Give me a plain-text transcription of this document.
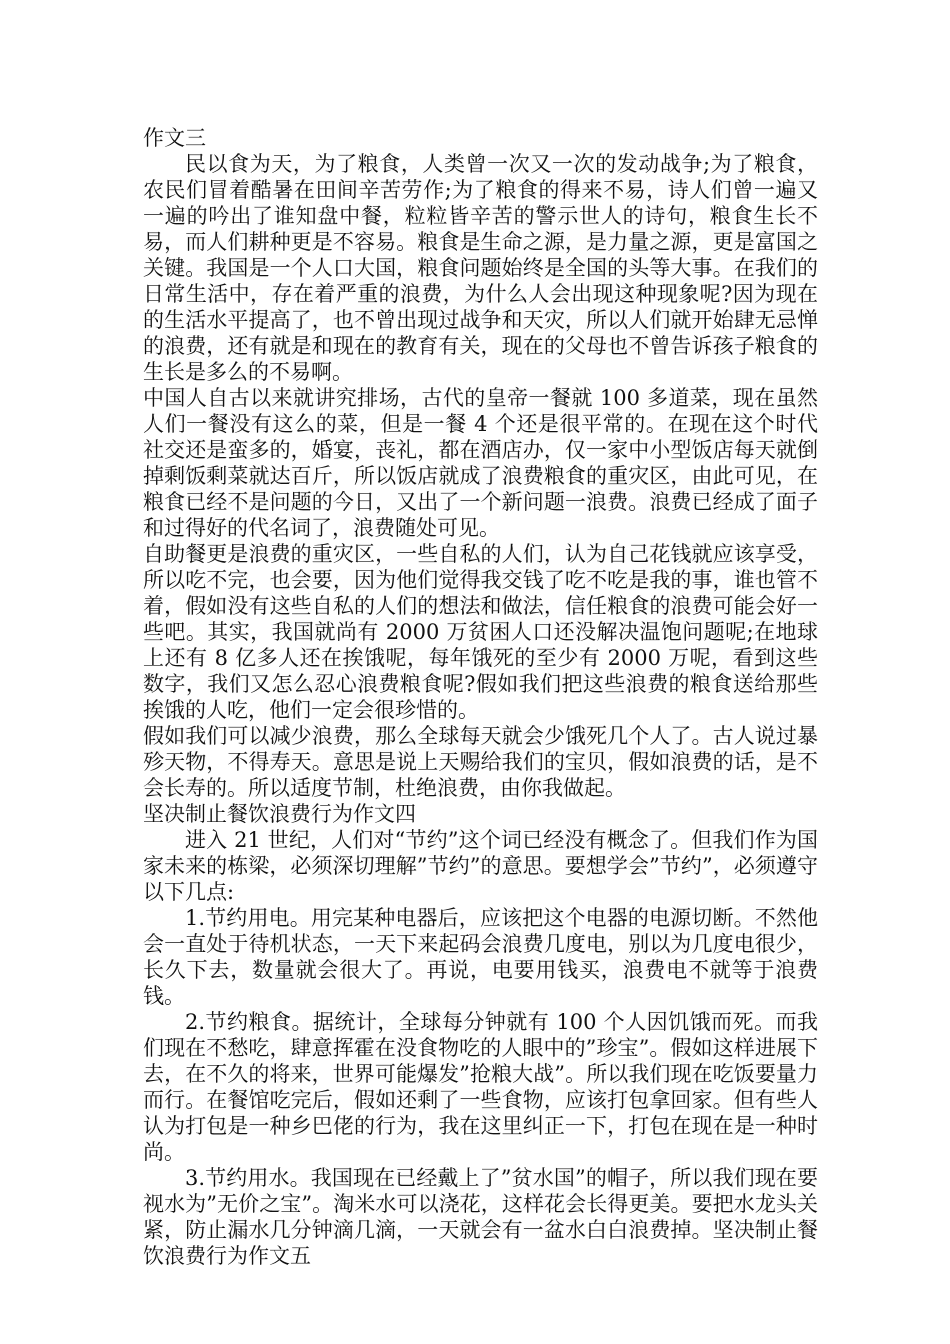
作文三

民以食为天，为了粮食，人类曾一次又一次的发动战争;为了粮食，农民们冒着酷暑在田间辛苦劳作;为了粮食的得来不易，诗人们曾一遍又一遍的吟出了谁知盘中餐，粒粒皆辛苦的警示世人的诗句，粮食生长不易，而人们耕种更是不容易。粮食是生命之源，是力量之源，更是富国之关键。我国是一个人口大国，粮食问题始终是全国的头等大事。在我们的日常生活中，存在着严重的浪费，为什么人会出现这种现象呢?因为现在的生活水平提高了，也不曾出现过战争和天灾，所以人们就开始肆无忌惮的浪费，还有就是和现在的教育有关，现在的父母也不曾告诉孩子粮食的生长是多么的不易啊。

中国人自古以来就讲究排场，古代的皇帝一餐就 100 多道菜，现在虽然人们一餐没有这么的菜，但是一餐 4 个还是很平常的。在现在这个时代社交还是蛮多的，婚宴，丧礼，都在酒店办，仅一家中小型饭店每天就倒掉剩饭剩菜就达百斤，所以饭店就成了浪费粮食的重灾区，由此可见，在粮食已经不是问题的今日，又出了一个新问题一浪费。浪费已经成了面子和过得好的代名词了，浪费随处可见。

自助餐更是浪费的重灾区，一些自私的人们，认为自己花钱就应该享受，所以吃不完，也会要，因为他们觉得我交钱了吃不吃是我的事，谁也管不着，假如没有这些自私的人们的想法和做法，信任粮食的浪费可能会好一些吧。其实，我国就尚有 2000 万贫困人口还没解决温饱问题呢;在地球上还有 8 亿多人还在挨饿呢，每年饿死的至少有 2000 万呢，看到这些数字，我们又怎么忍心浪费粮食呢?假如我们把这些浪费的粮食送给那些挨饿的人吃，他们一定会很珍惜的。

假如我们可以减少浪费，那么全球每天就会少饿死几个人了。古人说过暴殄天物，不得寿天。意思是说上天赐给我们的宝贝，假如浪费的话，是不会长寿的。所以适度节制，杜绝浪费，由你我做起。

坚决制止餐饮浪费行为作文四

进入 21 世纪，人们对“节约”这个词已经没有概念了。但我们作为国家未来的栋梁，必须深切理解”节约”的意思。要想学会”节约”，必须遵守以下几点:

1.节约用电。用完某种电器后，应该把这个电器的电源切断。不然他会一直处于待机状态，一天下来起码会浪费几度电，别以为几度电很少，长久下去，数量就会很大了。再说，电要用钱买，浪费电不就等于浪费钱。

2.节约粮食。据统计，全球每分钟就有 100 个人因饥饿而死。而我们现在不愁吃，肆意挥霍在没食物吃的人眼中的”珍宝”。假如这样进展下去，在不久的将来，世界可能爆发”抢粮大战”。所以我们现在吃饭要量力而行。在餐馆吃完后，假如还剩了一些食物，应该打包拿回家。但有些人认为打包是一种乡巴佬的行为，我在这里纠正一下，打包在现在是一种时尚。

3.节约用水。我国现在已经戴上了”贫水国”的帽子，所以我们现在要视水为”无价之宝”。淘米水可以浇花，这样花会长得更美。要把水龙头关紧，防止漏水几分钟滴几滴，一天就会有一盆水白白浪费掉。坚决制止餐饮浪费行为作文五
